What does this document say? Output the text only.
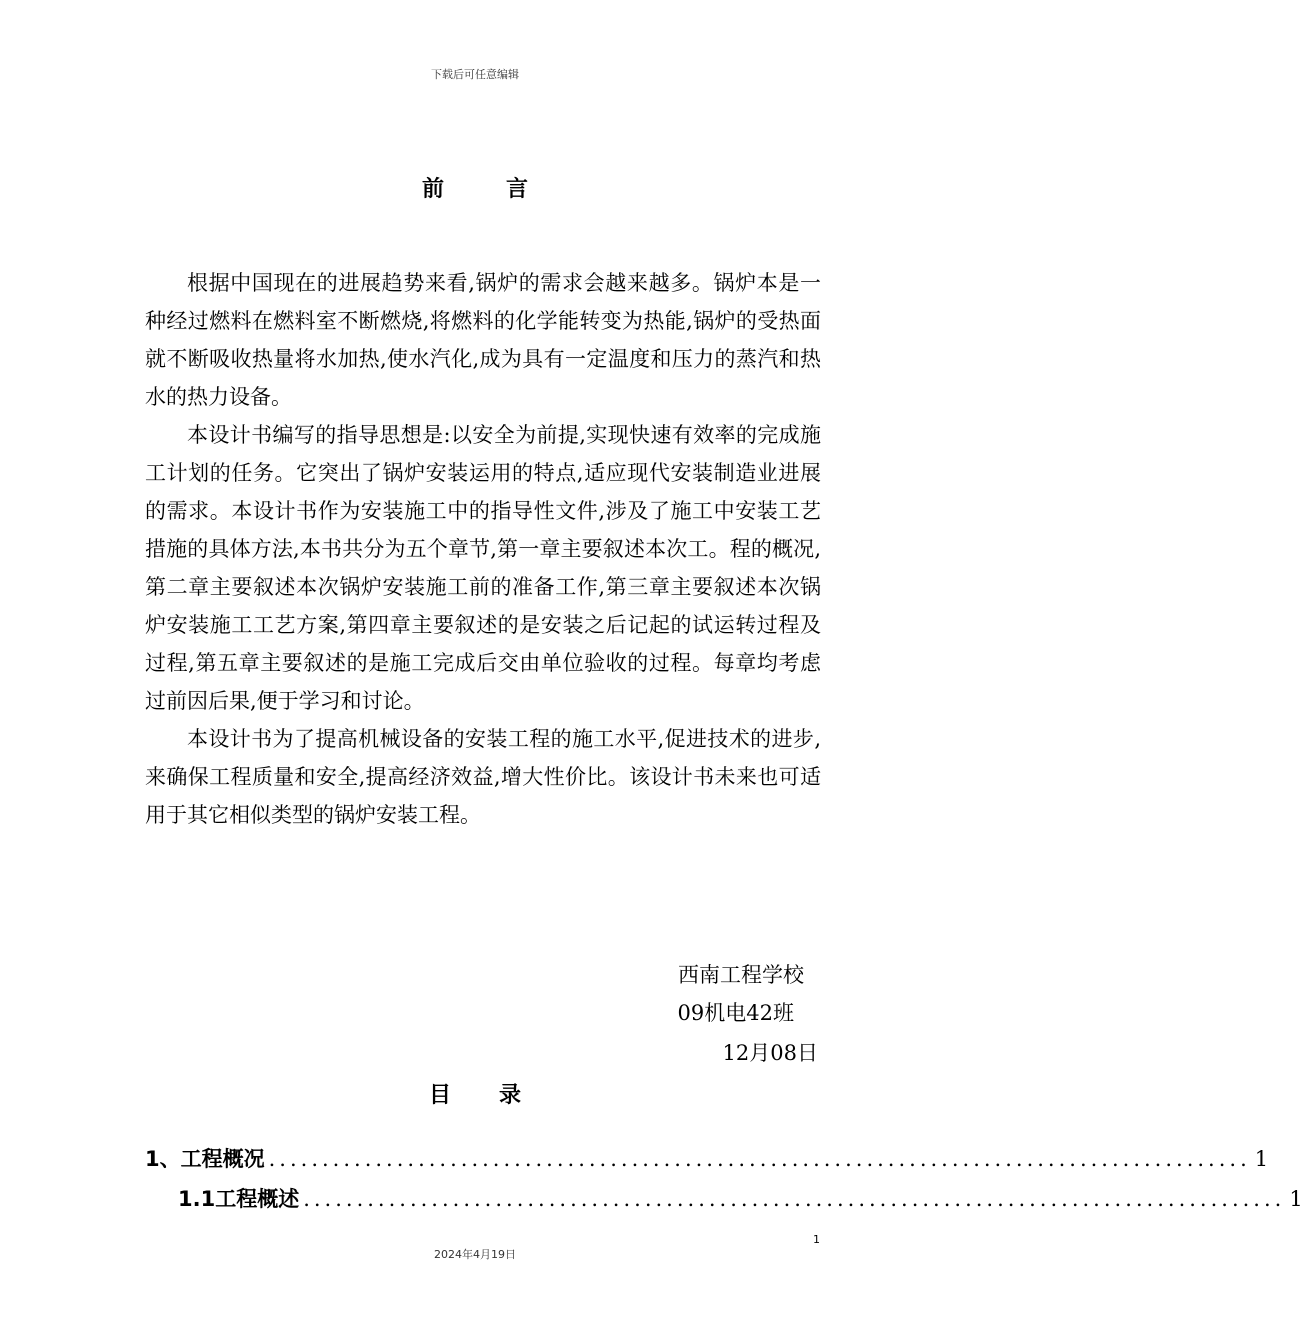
下载后可任意编辑
前言

根据中国现在的进展趋势来看,锅炉的需求会越来越多。锅炉本是一种经过燃料在燃料室不断燃烧,将燃料的化学能转变为热能,锅炉的受热面就不断吸收热量将水加热,使水汽化,成为具有一定温度和压力的蒸汽和热水的热力设备。

本设计书编写的指导思想是:以安全为前提,实现快速有效率的完成施工计划的任务。它突出了锅炉安装运用的特点,适应现代安装制造业进展的需求。本设计书作为安装施工中的指导性文件,涉及了施工中安装工艺措施的具体方法,本书共分为五个章节,第一章主要叙述本次工。程的概况,第二章主要叙述本次锅炉安装施工前的准备工作,第三章主要叙述本次锅炉安装施工工艺方案,第四章主要叙述的是安装之后记起的试运转过程及过程,第五章主要叙述的是施工完成后交由单位验收的过程。每章均考虑过前因后果,便于学习和讨论。

本设计书为了提高机械设备的安装工程的施工水平,促进技术的进步,来确保工程质量和安全,提高经济效益,增大性价比。该设计书未来也可适用于其它相似类型的锅炉安装工程。

西南工程学校
09机电42班
12月08日
目录
1、工程概况 ............................................................................................ 1
1.1工程概述 ............................................................................................ 1
1
2024年4月19日
